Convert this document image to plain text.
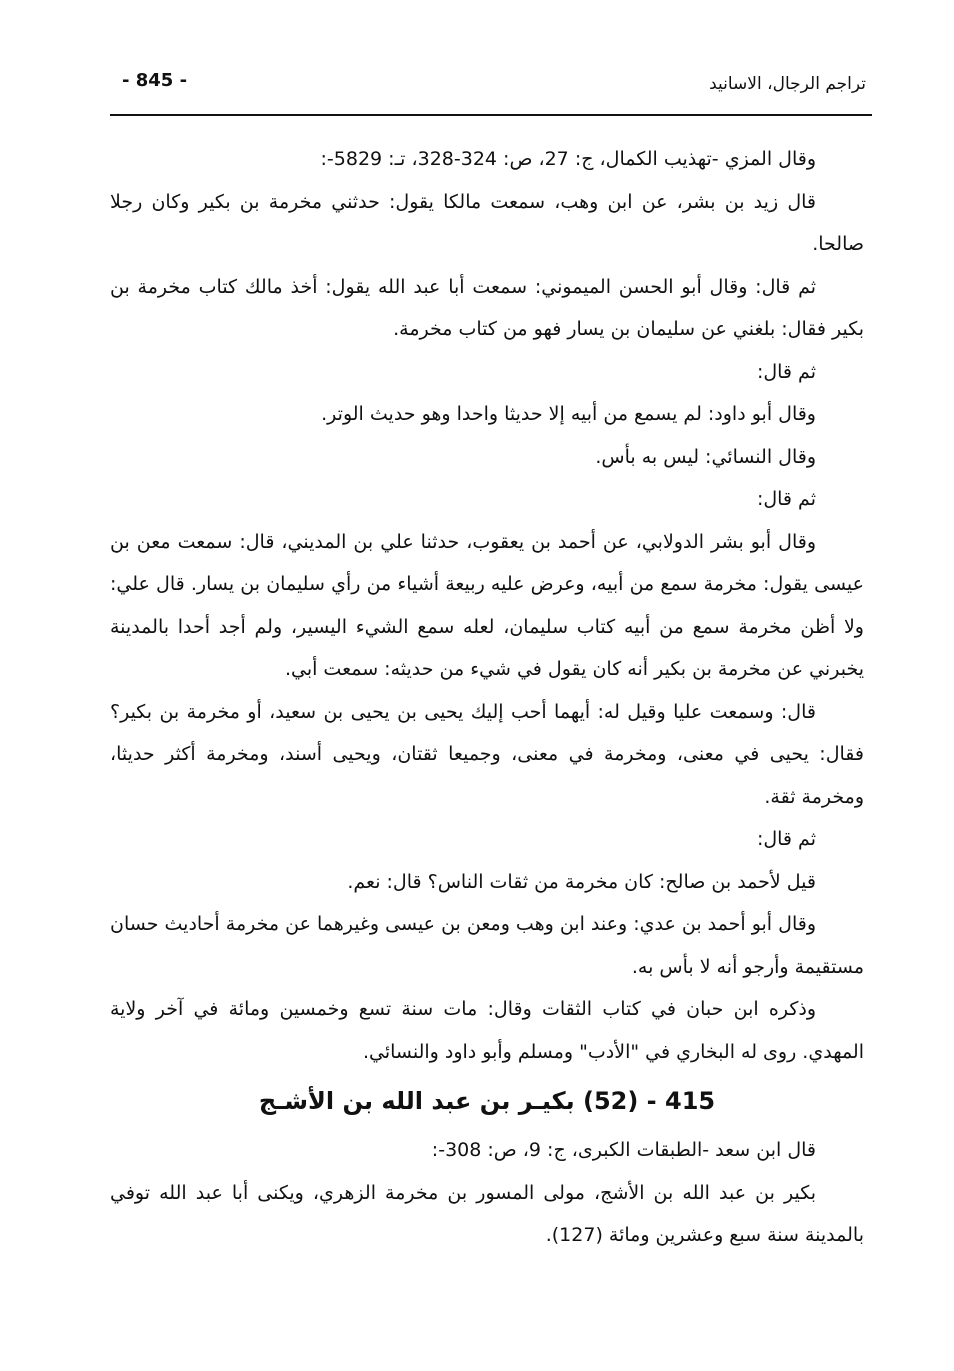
- 845 -	تراجم الرجال، الاسانيد

وقال المزي -تهذيب الكمال، ج: 27، ص: 324-328، تـ: 5829-:

قال زيد بن بشر، عن ابن وهب، سمعت مالكا يقول: حدثني مخرمة بن بكير وكان رجلا صالحا.

ثم قال: وقال أبو الحسن الميموني: سمعت أبا عبد الله يقول: أخذ مالك كتاب مخرمة بن بكير فقال: بلغني عن سليمان بن يسار فهو من كتاب مخرمة.

ثم قال:

وقال أبو داود: لم يسمع من أبيه إلا حديثا واحدا وهو حديث الوتر.

وقال النسائي: ليس به بأس.

ثم قال:

وقال أبو بشر الدولابي، عن أحمد بن يعقوب، حدثنا علي بن المديني، قال: سمعت معن بن عيسى يقول: مخرمة سمع من أبيه، وعرض عليه ربيعة أشياء من رأي سليمان بن يسار. قال علي: ولا أظن مخرمة سمع من أبيه كتاب سليمان، لعله سمع الشيء اليسير، ولم أجد أحدا بالمدينة يخبرني عن مخرمة بن بكير أنه كان يقول في شيء من حديثه: سمعت أبي.

قال: وسمعت عليا وقيل له: أيهما أحب إليك يحيى بن يحيى بن سعيد، أو مخرمة بن بكير؟ فقال: يحيى في معنى، ومخرمة في معنى، وجميعا ثقتان، ويحيى أسند، ومخرمة أكثر حديثا، ومخرمة ثقة.

ثم قال:

قيل لأحمد بن صالح: كان مخرمة من ثقات الناس؟ قال: نعم.

وقال أبو أحمد بن عدي: وعند ابن وهب ومعن بن عيسى وغيرهما عن مخرمة أحاديث حسان مستقيمة وأرجو أنه لا بأس به.

وذكره ابن حبان في كتاب الثقات وقال: مات سنة تسع وخمسين ومائة في آخر ولاية المهدي. روى له البخاري في "الأدب" ومسلم وأبو داود والنسائي.

415 - (52) بكيـر بن عبد الله بن الأشـج

قال ابن سعد -الطبقات الكبرى، ج: 9، ص: 308-:

بكير بن عبد الله بن الأشج، مولى المسور بن مخرمة الزهري، ويكنى أبا عبد الله توفي بالمدينة سنة سبع وعشرين ومائة (127).
